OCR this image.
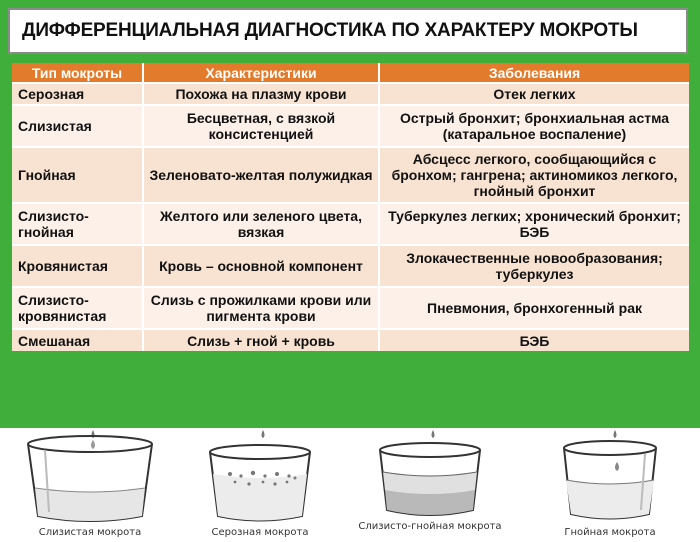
ДИФФЕРЕНЦИАЛЬНАЯ ДИАГНОСТИКА ПО ХАРАКТЕРУ МОКРОТЫ
Тип мокроты	Характеристики	Заболевания
Серозная	Похожа на плазму крови	Отек легких
Слизистая	Бесцветная, с вязкой консистенцией	Острый бронхит; бронхиальная астма (катаральное воспаление)
Гнойная	Зеленовато-желтая полужидкая	Абсцесс легкого, сообщающийся с бронхом; гангрена; актиномикоз легкого, гнойный бронхит
Слизисто-гнойная	Желтого или зеленого цвета, вязкая	Туберкулез легких; хронический бронхит; БЭБ
Кровянистая	Кровь – основной компонент	Злокачественные новообразования; туберкулез
Слизисто-кровянистая	Слизь с прожилками крови или пигмента крови	Пневмония, бронхогенный рак
Смешаная	Слизь + гной + кровь	БЭБ
Слизистая мокрота	Серозная мокрота
Слизисто-гнойная мокрота
Гнойная мокрота
